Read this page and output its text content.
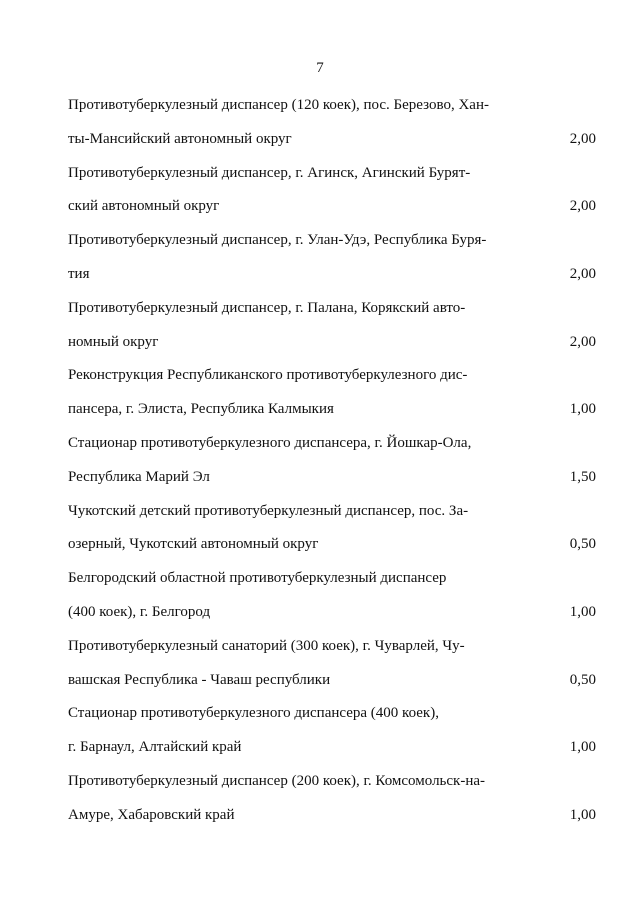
7
Противотуберкулезный диспансер (120 коек), пос. Березово, Хан-
ты-Мансийский автономный округ	2,00
Противотуберкулезный диспансер, г. Агинск, Агинский Бурят-
ский автономный округ	2,00
Противотуберкулезный диспансер, г. Улан-Удэ, Республика Буря-
тия	2,00
Противотуберкулезный диспансер, г. Палана, Корякский авто-
номный округ	2,00
Реконструкция Республиканского противотуберкулезного дис-
пансера, г. Элиста, Республика Калмыкия	1,00
Стационар противотуберкулезного диспансера, г. Йошкар-Ола,
Республика Марий Эл	1,50
Чукотский детский противотуберкулезный диспансер, пос. За-
озерный, Чукотский автономный округ	0,50
Белгородский областной противотуберкулезный диспансер
(400 коек), г. Белгород	1,00
Противотуберкулезный санаторий (300 коек), г. Чуварлей, Чу-
вашская Республика - Чаваш республики	0,50
Стационар противотуберкулезного диспансера (400 коек),
г. Барнаул, Алтайский край	1,00
Противотуберкулезный диспансер (200 коек), г. Комсомольск-на-
Амуре, Хабаровский край	1,00
